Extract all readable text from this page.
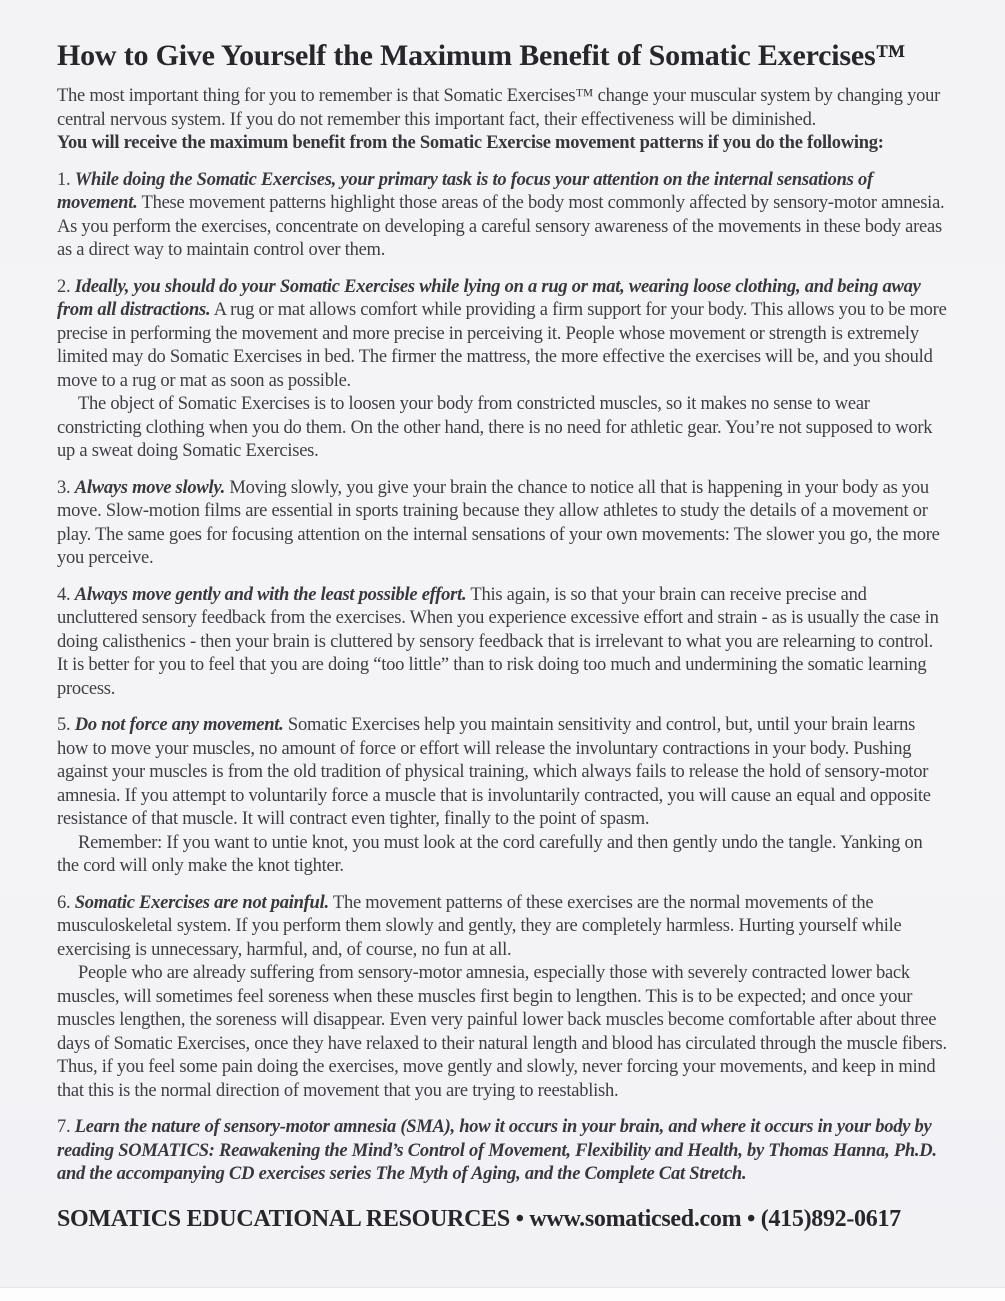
How to Give Yourself the Maximum Benefit of Somatic Exercises™

The most important thing for you to remember is that Somatic Exercises™ change your muscular system by changing your central nervous system. If you do not remember this important fact, their effectiveness will be diminished.

You will receive the maximum benefit from the Somatic Exercise movement patterns if you do the following:

1. While doing the Somatic Exercises, your primary task is to focus your attention on the internal sensations of movement. These movement patterns highlight those areas of the body most commonly affected by sensory-motor amnesia. As you perform the exercises, concentrate on developing a careful sensory awareness of the movements in these body areas as a direct way to maintain control over them.

2. Ideally, you should do your Somatic Exercises while lying on a rug or mat, wearing loose clothing, and being away from all distractions. A rug or mat allows comfort while providing a firm support for your body. This allows you to be more precise in performing the movement and more precise in perceiving it. People whose movement or strength is extremely limited may do Somatic Exercises in bed. The firmer the mattress, the more effective the exercises will be, and you should move to a rug or mat as soon as possible.

The object of Somatic Exercises is to loosen your body from constricted muscles, so it makes no sense to wear constricting clothing when you do them. On the other hand, there is no need for athletic gear. You’re not supposed to work up a sweat doing Somatic Exercises.

3. Always move slowly. Moving slowly, you give your brain the chance to notice all that is happening in your body as you move. Slow-motion films are essential in sports training because they allow athletes to study the details of a movement or play. The same goes for focusing attention on the internal sensations of your own movements: The slower you go, the more you perceive.

4. Always move gently and with the least possible effort. This again, is so that your brain can receive precise and uncluttered sensory feedback from the exercises. When you experience excessive effort and strain - as is usually the case in doing calisthenics - then your brain is cluttered by sensory feedback that is irrelevant to what you are relearning to control. It is better for you to feel that you are doing “too little” than to risk doing too much and undermining the somatic learning process.

5. Do not force any movement. Somatic Exercises help you maintain sensitivity and control, but, until your brain learns how to move your muscles, no amount of force or effort will release the involuntary contractions in your body. Pushing against your muscles is from the old tradition of physical training, which always fails to release the hold of sensory-motor amnesia. If you attempt to voluntarily force a muscle that is involuntarily contracted, you will cause an equal and opposite resistance of that muscle. It will contract even tighter, finally to the point of spasm.

Remember: If you want to untie knot, you must look at the cord carefully and then gently undo the tangle. Yanking on the cord will only make the knot tighter.

6. Somatic Exercises are not painful. The movement patterns of these exercises are the normal movements of the musculoskeletal system. If you perform them slowly and gently, they are completely harmless. Hurting yourself while exercising is unnecessary, harmful, and, of course, no fun at all.

People who are already suffering from sensory-motor amnesia, especially those with severely contracted lower back muscles, will sometimes feel soreness when these muscles first begin to lengthen. This is to be expected; and once your muscles lengthen, the soreness will disappear. Even very painful lower back muscles become comfortable after about three days of Somatic Exercises, once they have relaxed to their natural length and blood has circulated through the muscle fibers. Thus, if you feel some pain doing the exercises, move gently and slowly, never forcing your movements, and keep in mind that this is the normal direction of movement that you are trying to reestablish.

7. Learn the nature of sensory-motor amnesia (SMA), how it occurs in your brain, and where it occurs in your body by reading SOMATICS: Reawakening the Mind’s Control of Movement, Flexibility and Health, by Thomas Hanna, Ph.D. and the accompanying CD exercises series The Myth of Aging, and the Complete Cat Stretch.

SOMATICS EDUCATIONAL RESOURCES • www.somaticsed.com • (415)892-0617
